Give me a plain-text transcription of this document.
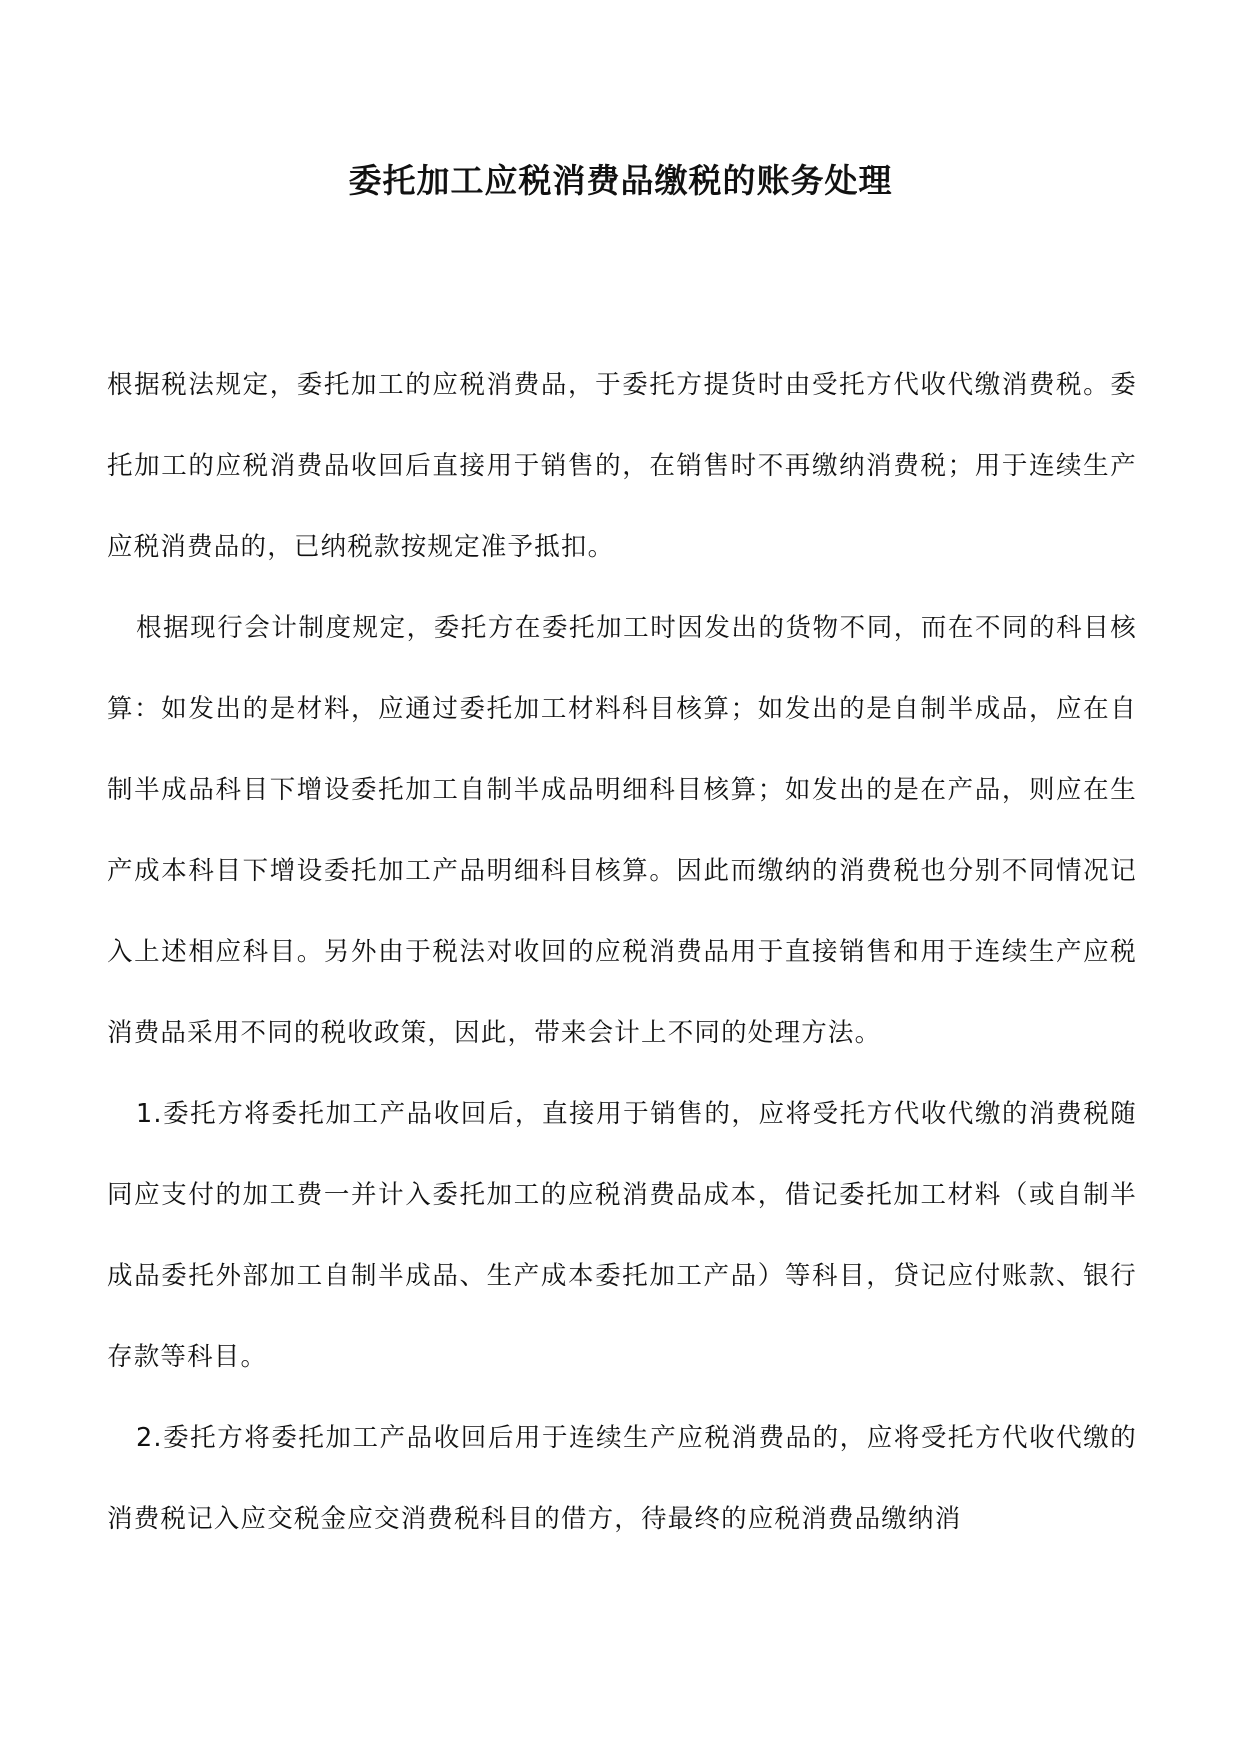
委托加工应税消费品缴税的账务处理

根据税法规定，委托加工的应税消费品，于委托方提货时由受托方代收代缴消费税。委托加工的应税消费品收回后直接用于销售的，在销售时不再缴纳消费税；用于连续生产应税消费品的，已纳税款按规定准予抵扣。

根据现行会计制度规定，委托方在委托加工时因发出的货物不同，而在不同的科目核算：如发出的是材料，应通过委托加工材料科目核算；如发出的是自制半成品，应在自制半成品科目下增设委托加工自制半成品明细科目核算；如发出的是在产品，则应在生产成本科目下增设委托加工产品明细科目核算。因此而缴纳的消费税也分别不同情况记入上述相应科目。另外由于税法对收回的应税消费品用于直接销售和用于连续生产应税消费品采用不同的税收政策，因此，带来会计上不同的处理方法。

1.委托方将委托加工产品收回后，直接用于销售的，应将受托方代收代缴的消费税随同应支付的加工费一并计入委托加工的应税消费品成本，借记委托加工材料（或自制半成品委托外部加工自制半成品、生产成本委托加工产品）等科目，贷记应付账款、银行存款等科目。

2.委托方将委托加工产品收回后用于连续生产应税消费品的，应将受托方代收代缴的消费税记入应交税金应交消费税科目的借方，待最终的应税消费品缴纳消
